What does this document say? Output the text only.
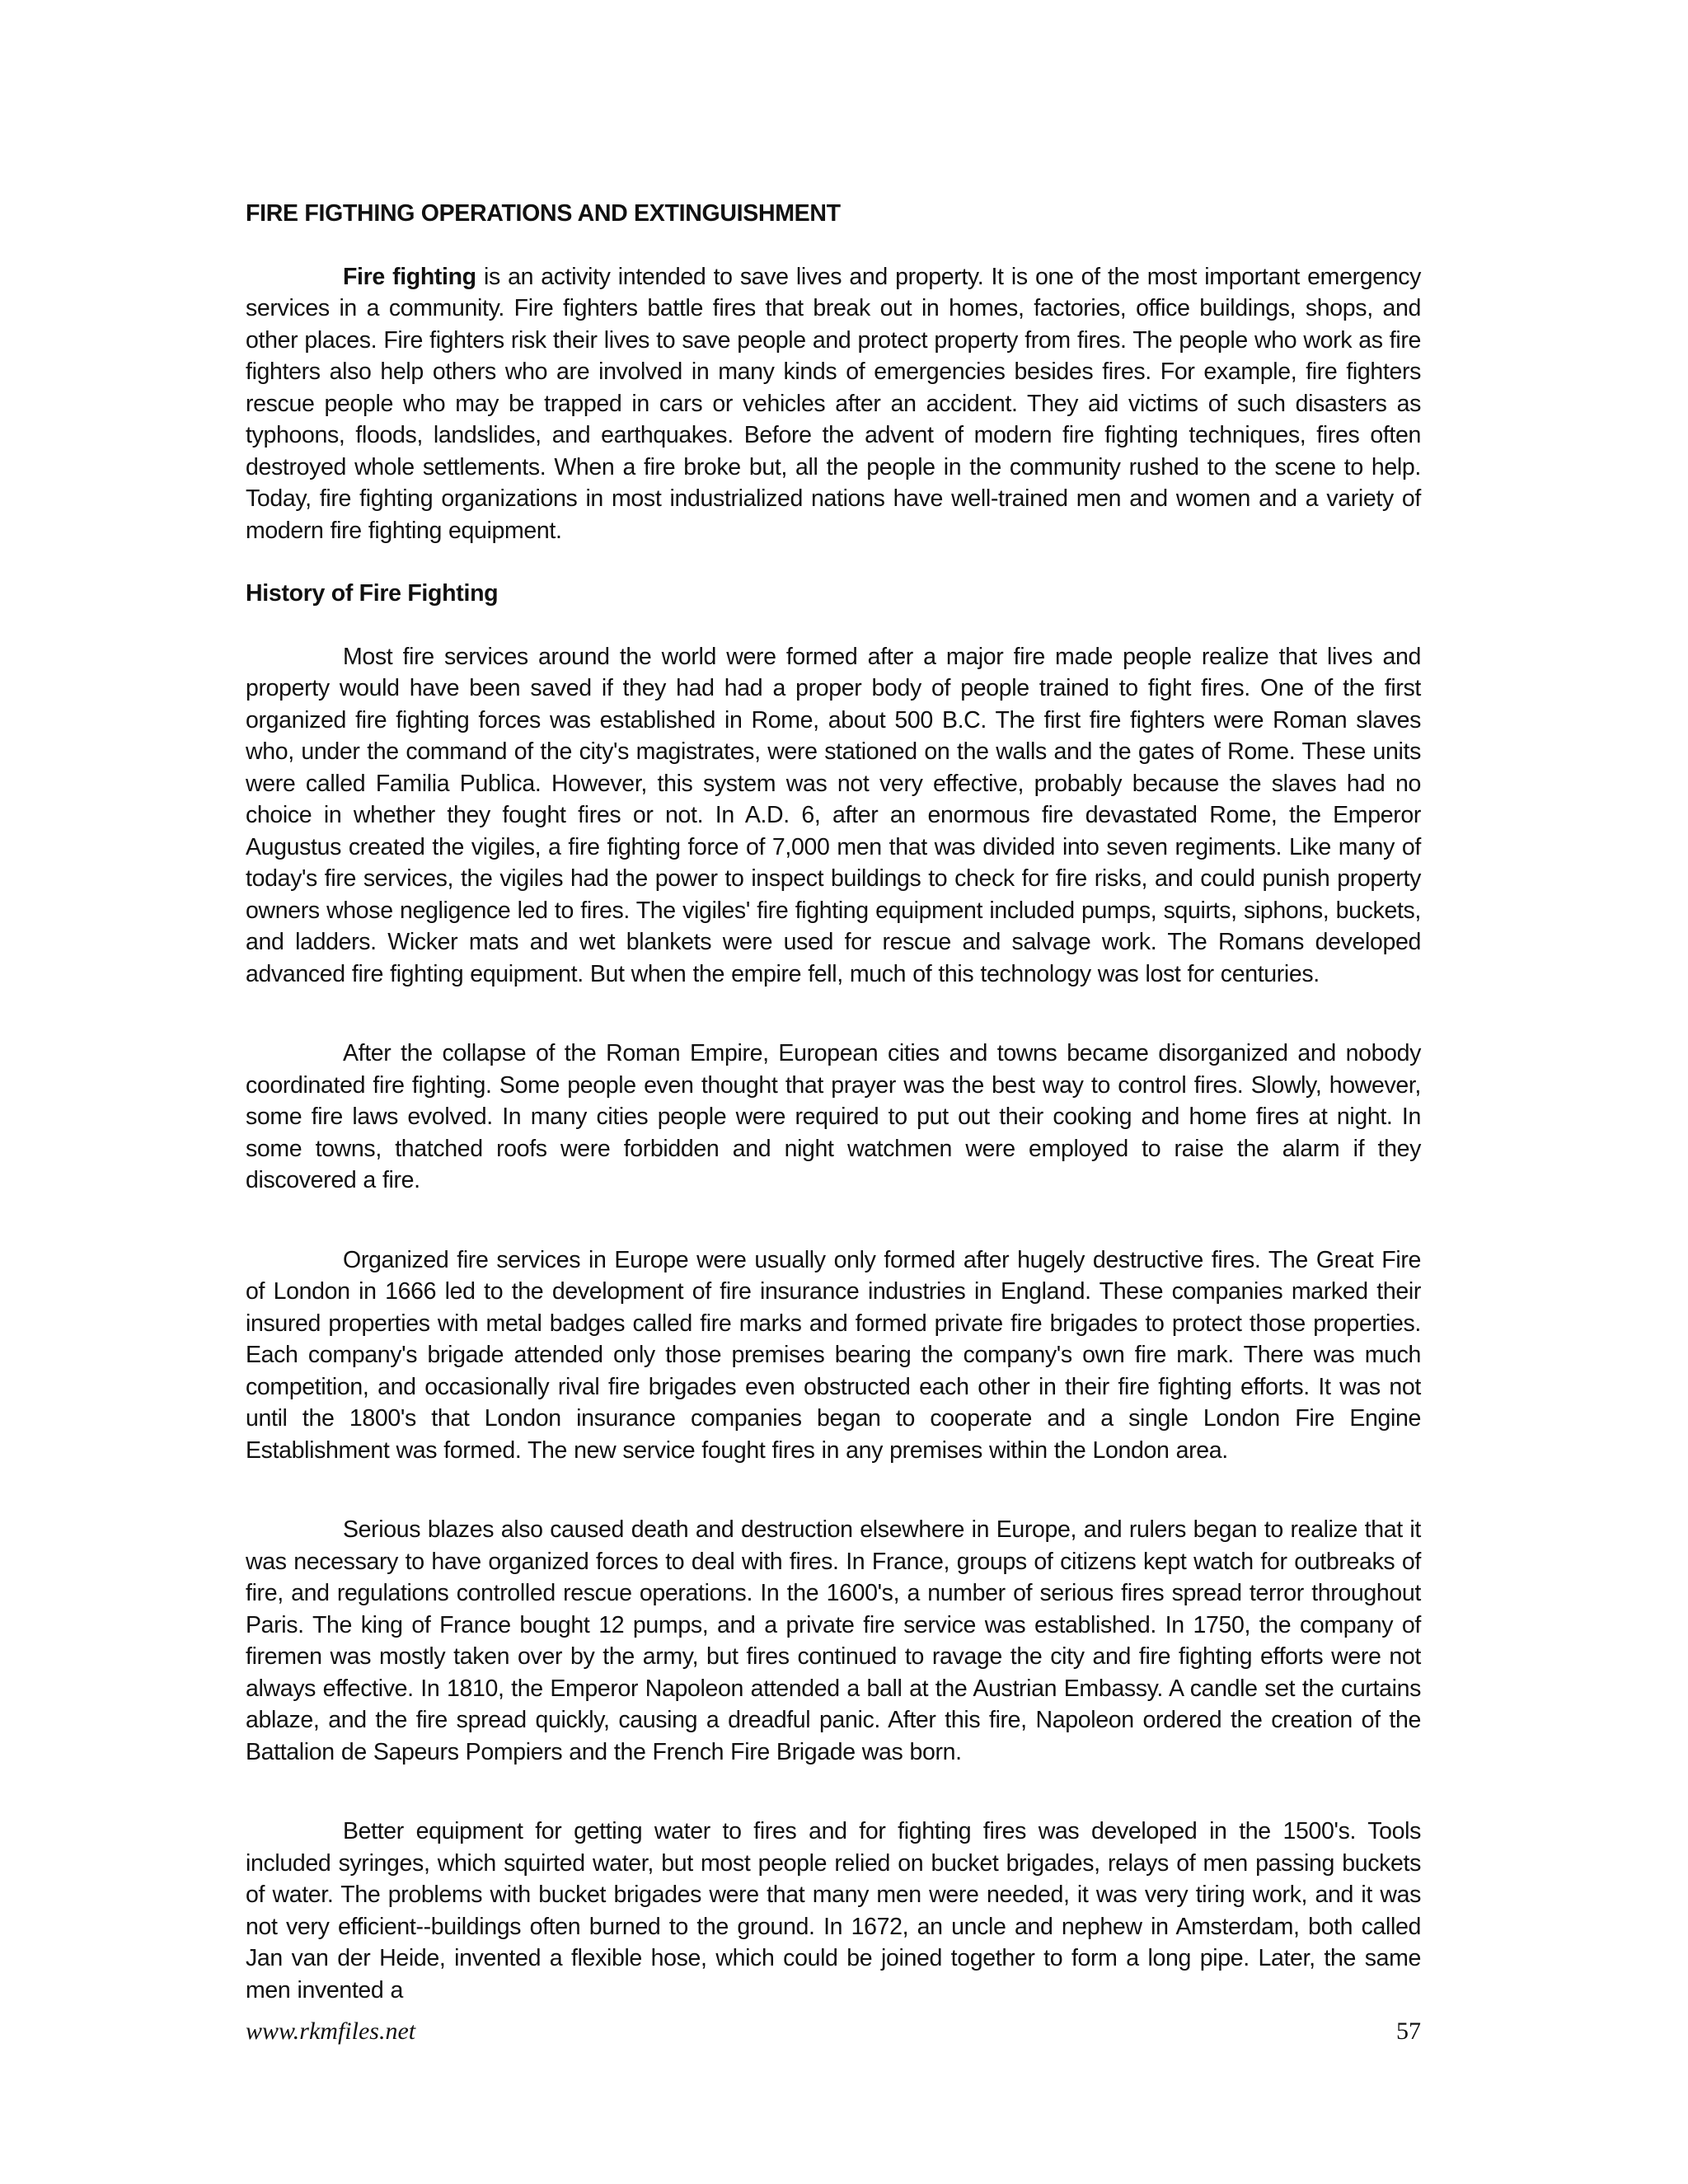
FIRE FIGTHING OPERATIONS AND EXTINGUISHMENT

Fire fighting is an activity intended to save lives and property. It is one of the most important emergency services in a community. Fire fighters battle fires that break out in homes, factories, office buildings, shops, and other places. Fire fighters risk their lives to save people and protect property from fires. The people who work as fire fighters also help others who are involved in many kinds of emergencies besides fires. For example, fire fighters rescue people who may be trapped in cars or vehicles after an accident. They aid victims of such disasters as typhoons, floods, landslides, and earthquakes. Before the advent of modern fire fighting techniques, fires often destroyed whole settlements. When a fire broke but, all the people in the community rushed to the scene to help. Today, fire fighting organizations in most industrialized nations have well-trained men and women and a variety of modern fire fighting equipment.

History of Fire Fighting

Most fire services around the world were formed after a major fire made people realize that lives and property would have been saved if they had had a proper body of people trained to fight fires. One of the first organized fire fighting forces was established in Rome, about 500 B.C. The first fire fighters were Roman slaves who, under the command of the city's magistrates, were stationed on the walls and the gates of Rome. These units were called Familia Publica. However, this system was not very effective, probably because the slaves had no choice in whether they fought fires or not. In A.D. 6, after an enormous fire devastated Rome, the Emperor Augustus created the vigiles, a fire fighting force of 7,000 men that was divided into seven regiments. Like many of today's fire services, the vigiles had the power to inspect buildings to check for fire risks, and could punish property owners whose negligence led to fires. The vigiles' fire fighting equipment included pumps, squirts, siphons, buckets, and ladders. Wicker mats and wet blankets were used for rescue and salvage work. The Romans developed advanced fire fighting equipment. But when the empire fell, much of this technology was lost for centuries.

After the collapse of the Roman Empire, European cities and towns became disorganized and nobody coordinated fire fighting. Some people even thought that prayer was the best way to control fires. Slowly, however, some fire laws evolved. In many cities people were required to put out their cooking and home fires at night. In some towns, thatched roofs were forbidden and night watchmen were employed to raise the alarm if they discovered a fire.

Organized fire services in Europe were usually only formed after hugely destructive fires. The Great Fire of London in 1666 led to the development of fire insurance industries in England. These companies marked their insured properties with metal badges called fire marks and formed private fire brigades to protect those properties. Each company's brigade attended only those premises bearing the company's own fire mark. There was much competition, and occasionally rival fire brigades even obstructed each other in their fire fighting efforts. It was not until the 1800's that London insurance companies began to cooperate and a single London Fire Engine Establishment was formed. The new service fought fires in any premises within the London area.

Serious blazes also caused death and destruction elsewhere in Europe, and rulers began to realize that it was necessary to have organized forces to deal with fires. In France, groups of citizens kept watch for outbreaks of fire, and regulations controlled rescue operations. In the 1600's, a number of serious fires spread terror throughout Paris. The king of France bought 12 pumps, and a private fire service was established. In 1750, the company of firemen was mostly taken over by the army, but fires continued to ravage the city and fire fighting efforts were not always effective. In 1810, the Emperor Napoleon attended a ball at the Austrian Embassy. A candle set the curtains ablaze, and the fire spread quickly, causing a dreadful panic. After this fire, Napoleon ordered the creation of the Battalion de Sapeurs Pompiers and the French Fire Brigade was born.

Better equipment for getting water to fires and for fighting fires was developed in the 1500's. Tools included syringes, which squirted water, but most people relied on bucket brigades, relays of men passing buckets of water. The problems with bucket brigades were that many men were needed, it was very tiring work, and it was not very efficient--buildings often burned to the ground. In 1672, an uncle and nephew in Amsterdam, both called Jan van der Heide, invented a flexible hose, which could be joined together to form a long pipe. Later, the same men invented a

www.rkmfiles.net	57
